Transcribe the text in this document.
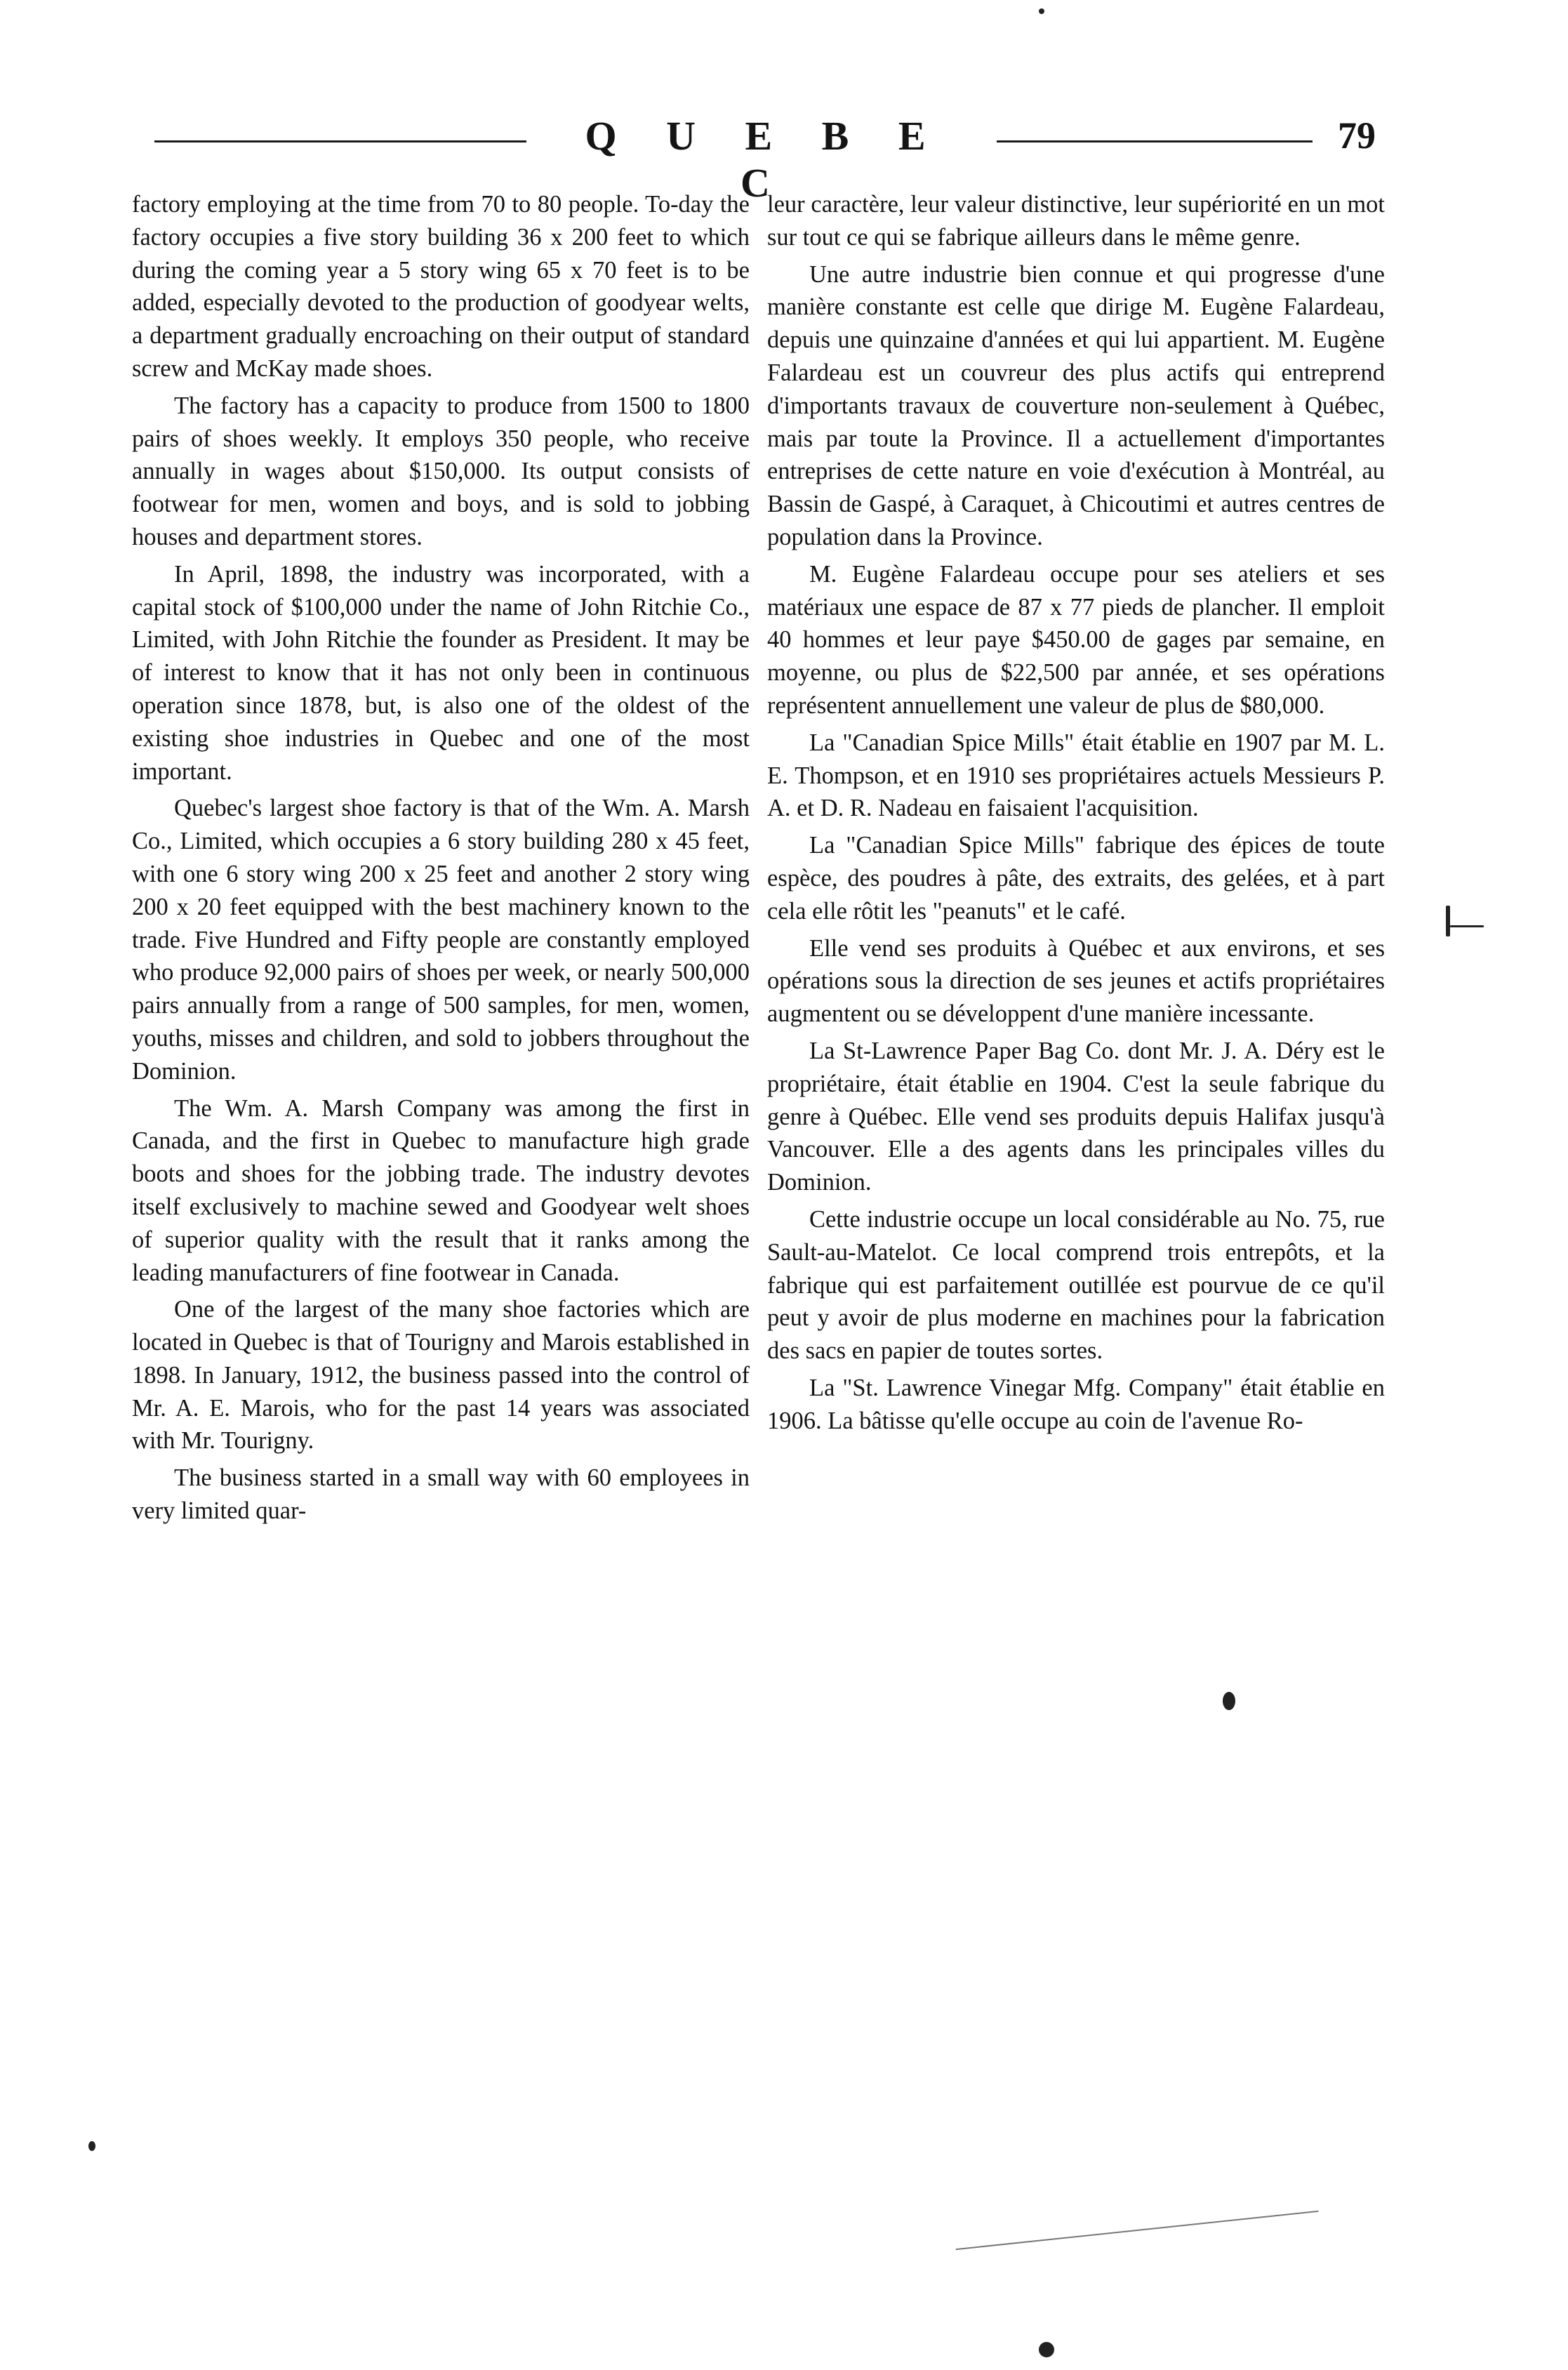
Q U E B E C
79

factory employing at the time from 70 to 80 people. To-day the factory occupies a five story building 36 x 200 feet to which during the coming year a 5 story wing 65 x 70 feet is to be added, especially devoted to the production of goodyear welts, a department gradually encroaching on their output of standard screw and McKay made shoes.

The factory has a capacity to produce from 1500 to 1800 pairs of shoes weekly. It employs 350 people, who receive annually in wages about $150,000. Its output consists of footwear for men, women and boys, and is sold to jobbing houses and department stores.

In April, 1898, the industry was incorporated, with a capital stock of $100,000 under the name of John Ritchie Co., Limited, with John Ritchie the founder as President. It may be of interest to know that it has not only been in continuous operation since 1878, but, is also one of the oldest of the existing shoe industries in Quebec and one of the most important.

Quebec's largest shoe factory is that of the Wm. A. Marsh Co., Limited, which occupies a 6 story building 280 x 45 feet, with one 6 story wing 200 x 25 feet and another 2 story wing 200 x 20 feet equipped with the best machinery known to the trade. Five Hundred and Fifty people are constantly employed who produce 92,000 pairs of shoes per week, or nearly 500,000 pairs annually from a range of 500 samples, for men, women, youths, misses and children, and sold to jobbers throughout the Dominion.

The Wm. A. Marsh Company was among the first in Canada, and the first in Quebec to manufacture high grade boots and shoes for the jobbing trade. The industry devotes itself exclusively to machine sewed and Goodyear welt shoes of superior quality with the result that it ranks among the leading manufacturers of fine footwear in Canada.

One of the largest of the many shoe factories which are located in Quebec is that of Tourigny and Marois established in 1898. In January, 1912, the business passed into the control of Mr. A. E. Marois, who for the past 14 years was associated with Mr. Tourigny.

The business started in a small way with 60 employees in very limited quar-

leur caractère, leur valeur distinctive, leur supériorité en un mot sur tout ce qui se fabrique ailleurs dans le même genre.

Une autre industrie bien connue et qui progresse d'une manière constante est celle que dirige M. Eugène Falardeau, depuis une quinzaine d'années et qui lui appartient. M. Eugène Falardeau est un couvreur des plus actifs qui entreprend d'importants travaux de couverture non-seulement à Québec, mais par toute la Province. Il a actuellement d'importantes entreprises de cette nature en voie d'exécution à Montréal, au Bassin de Gaspé, à Caraquet, à Chicoutimi et autres centres de population dans la Province.

M. Eugène Falardeau occupe pour ses ateliers et ses matériaux une espace de 87 x 77 pieds de plancher. Il emploit 40 hommes et leur paye $450.00 de gages par semaine, en moyenne, ou plus de $22,500 par année, et ses opérations représentent annuellement une valeur de plus de $80,000.

La "Canadian Spice Mills" était établie en 1907 par M. L. E. Thompson, et en 1910 ses propriétaires actuels Messieurs P. A. et D. R. Nadeau en faisaient l'acquisition.

La "Canadian Spice Mills" fabrique des épices de toute espèce, des poudres à pâte, des extraits, des gelées, et à part cela elle rôtit les "peanuts" et le café.

Elle vend ses produits à Québec et aux environs, et ses opérations sous la direction de ses jeunes et actifs propriétaires augmentent ou se développent d'une manière incessante.

La St-Lawrence Paper Bag Co. dont Mr. J. A. Déry est le propriétaire, était établie en 1904. C'est la seule fabrique du genre à Québec. Elle vend ses produits depuis Halifax jusqu'à Vancouver. Elle a des agents dans les principales villes du Dominion.

Cette industrie occupe un local considérable au No. 75, rue Sault-au-Matelot. Ce local comprend trois entrepôts, et la fabrique qui est parfaitement outillée est pourvue de ce qu'il peut y avoir de plus moderne en machines pour la fabrication des sacs en papier de toutes sortes.

La "St. Lawrence Vinegar Mfg. Company" était établie en 1906. La bâtisse qu'elle occupe au coin de l'avenue Ro-
